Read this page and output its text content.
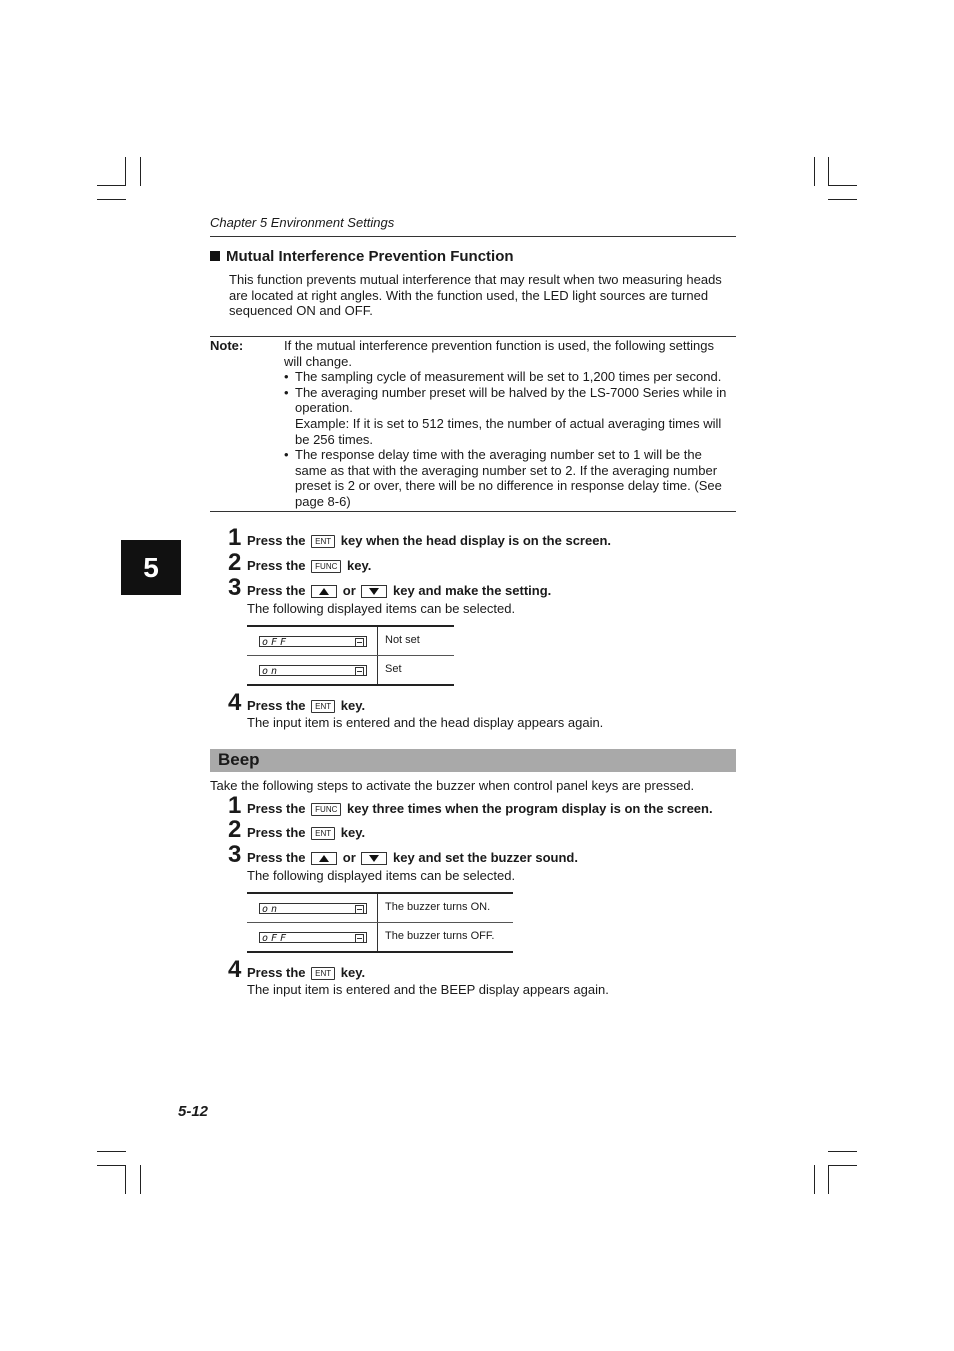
Chapter 5 Environment Settings
Mutual Interference Prevention Function
This function prevents mutual interference that may result when two measuring heads
are located at right angles. With the function used, the LED light sources are turned
sequenced ON and OFF.
Note:	If the mutual interference prevention function is used, the following settings
will change.
• The sampling cycle of measurement will be set to 1,200 times per second.
• The averaging number preset will be halved by the LS-7000 Series while in
operation.
Example: If it is set to 512 times, the number of actual averaging times will
be 256 times.
• The response delay time with the averaging number set to 1 will be the
same as that with the averaging number set to 2. If the averaging number
preset is 2 or over, there will be no difference in response delay time. (See
page 8-6)
5
1 Press the ENT key when the head display is on the screen.
2 Press the FUNC key.
3 Press the	or	key and make the setting.
The following displayed items can be selected.
oFF	Not set
on	Set
4 Press the ENT key.
The input item is entered and the head display appears again.
Beep
Take the following steps to activate the buzzer when control panel keys are pressed.
1 Press the FUNC key three times when the program display is on the screen.
2 Press the ENT key.
3 Press the	or	key and set the buzzer sound.
The following displayed items can be selected.
on	The buzzer turns ON.
oFF	The buzzer turns OFF.
4 Press the ENT key.
The input item is entered and the BEEP display appears again.
5-12
